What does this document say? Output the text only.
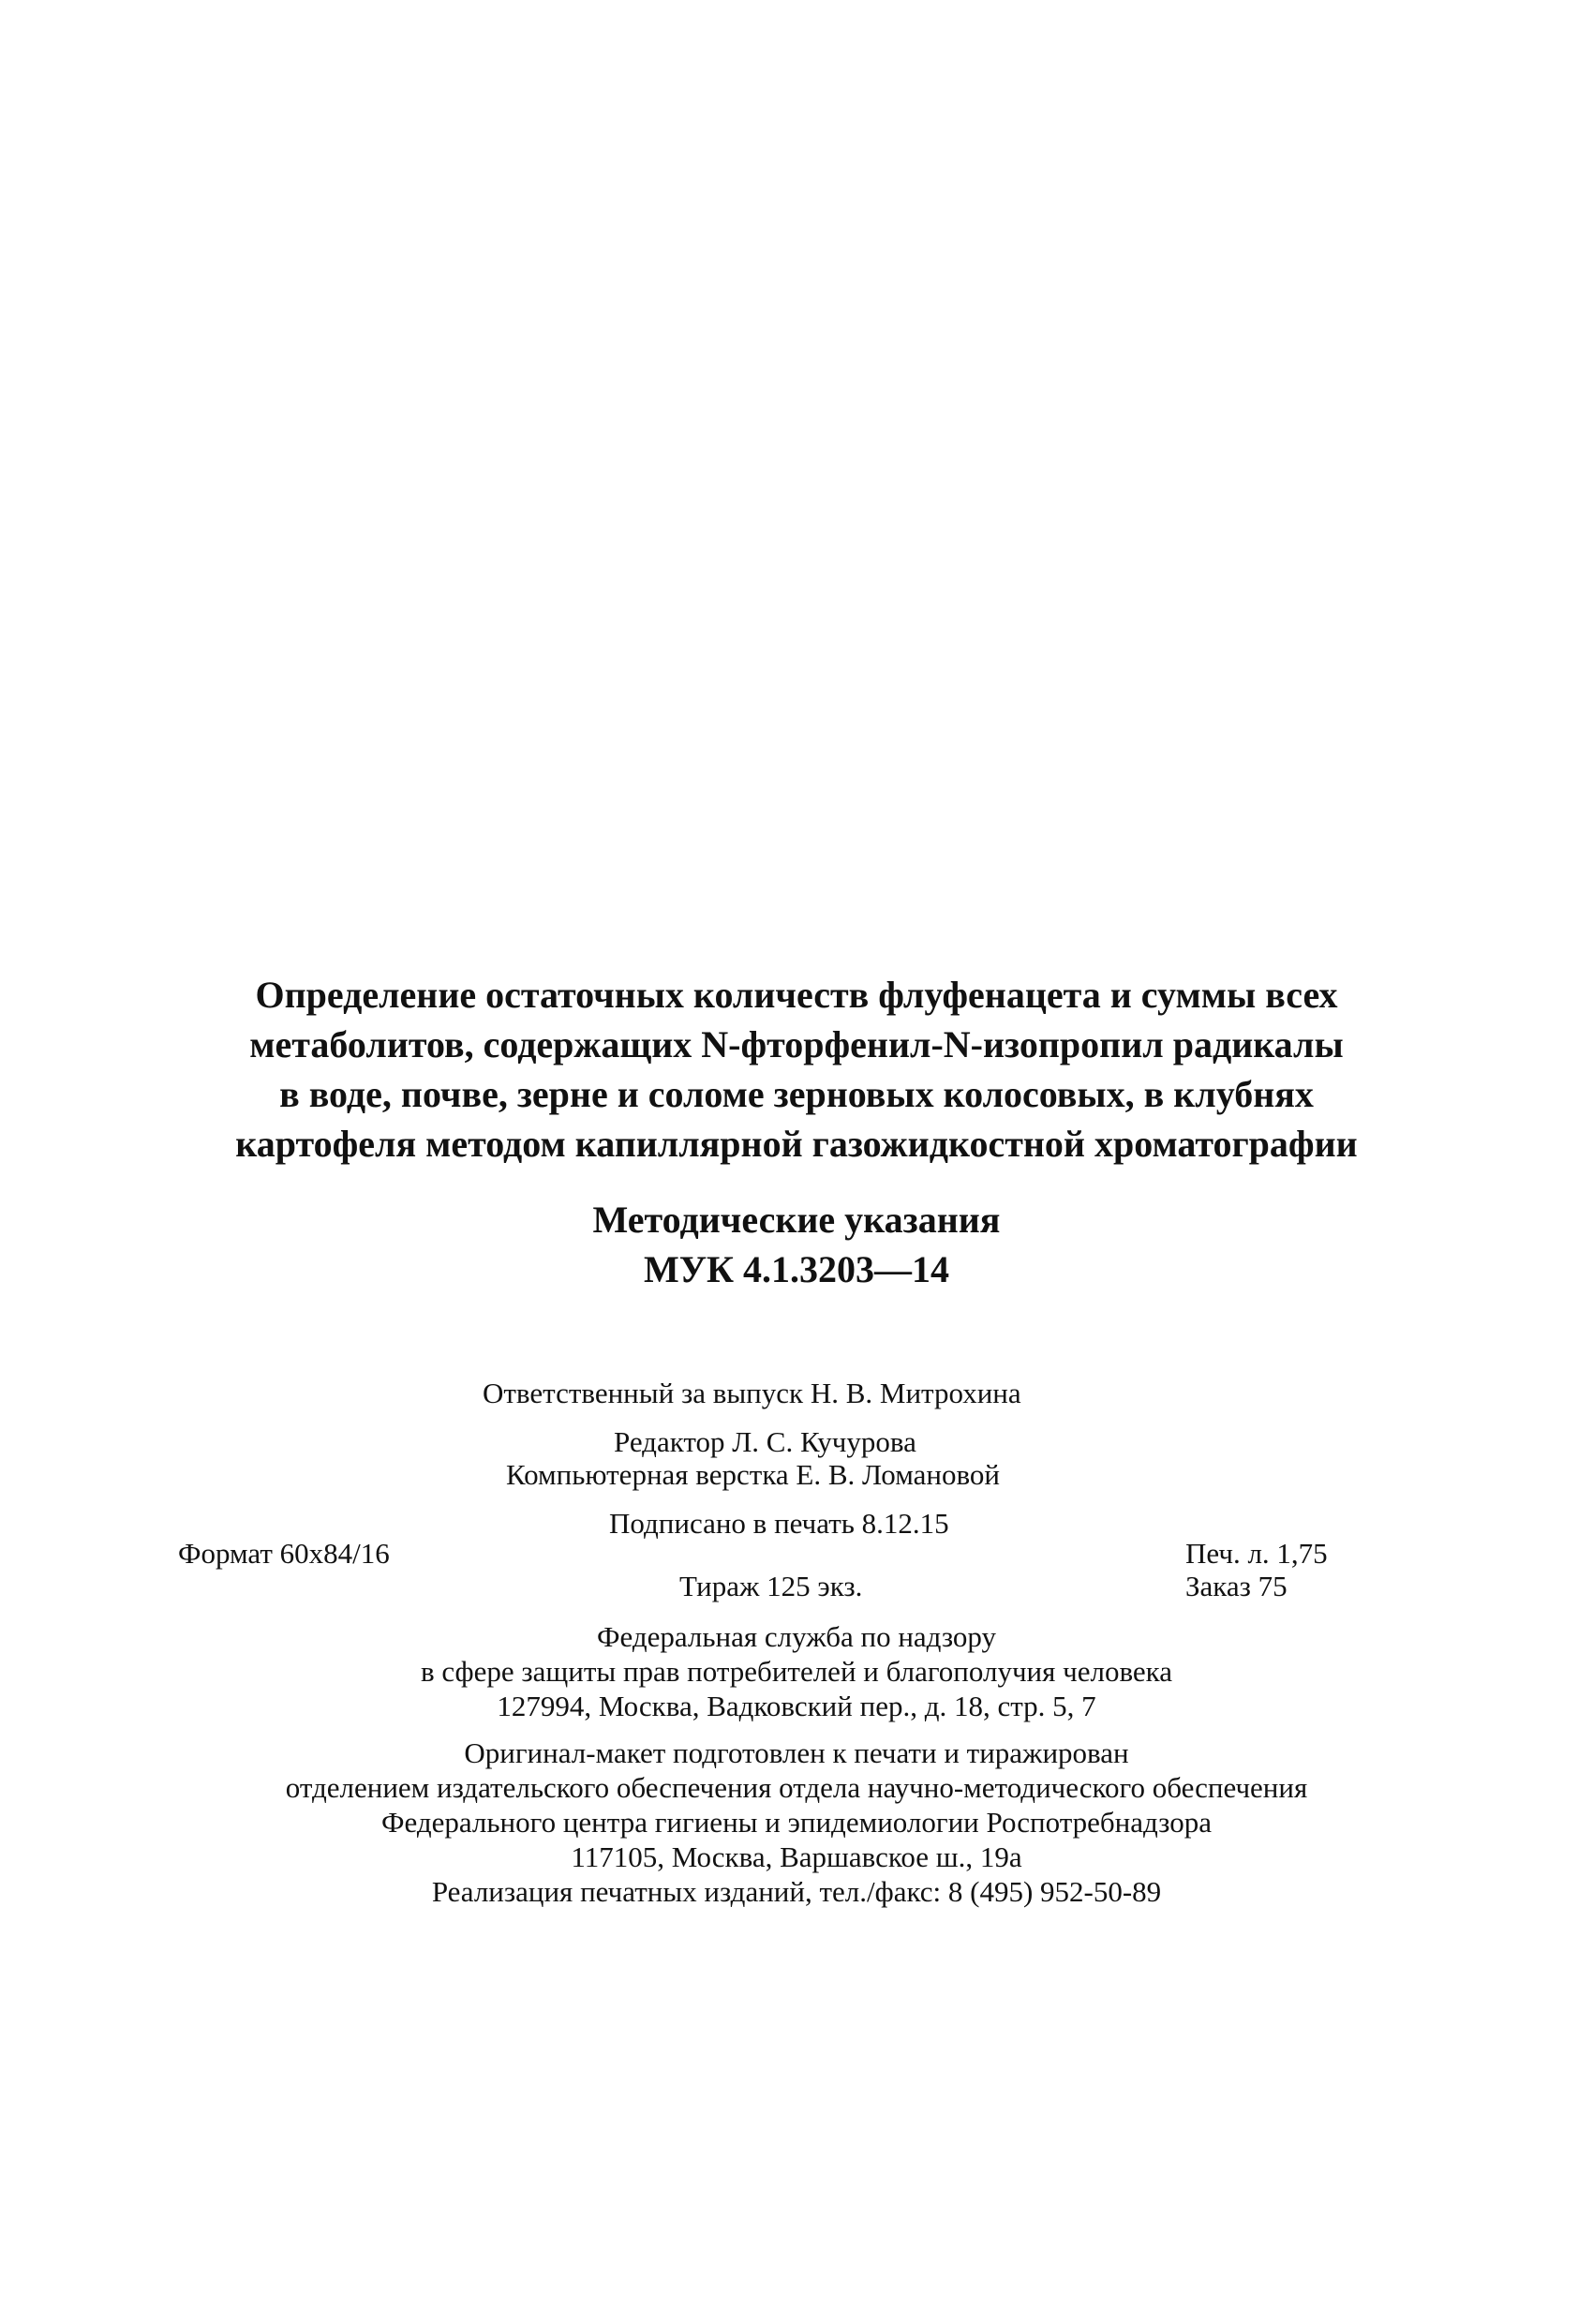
Определение остаточных количеств флуфенацета и суммы всех
метаболитов, содержащих N-фторфенил-N-изопропил радикалы
в воде, почве, зерне и соломе зерновых колосовых, в клубнях
картофеля методом капиллярной газожидкостной хроматографии
Методические указания
МУК 4.1.3203—14
Ответственный за выпуск Н. В. Митрохина
Редактор Л. С. Кучурова
Компьютерная верстка Е. В. Ломановой
Подписано в печать 8.12.15
Формат 60х84/16	Печ. л. 1,75
Тираж 125 экз.	Заказ 75
Федеральная служба по надзору
в сфере защиты прав потребителей и благополучия человека
127994, Москва, Вадковский пер., д. 18, стр. 5, 7
Оригинал-макет подготовлен к печати и тиражирован
отделением издательского обеспечения отдела научно-методического обеспечения
Федерального центра гигиены и эпидемиологии Роспотребнадзора
117105, Москва, Варшавское ш., 19а
Реализация печатных изданий, тел./факс: 8 (495) 952-50-89
